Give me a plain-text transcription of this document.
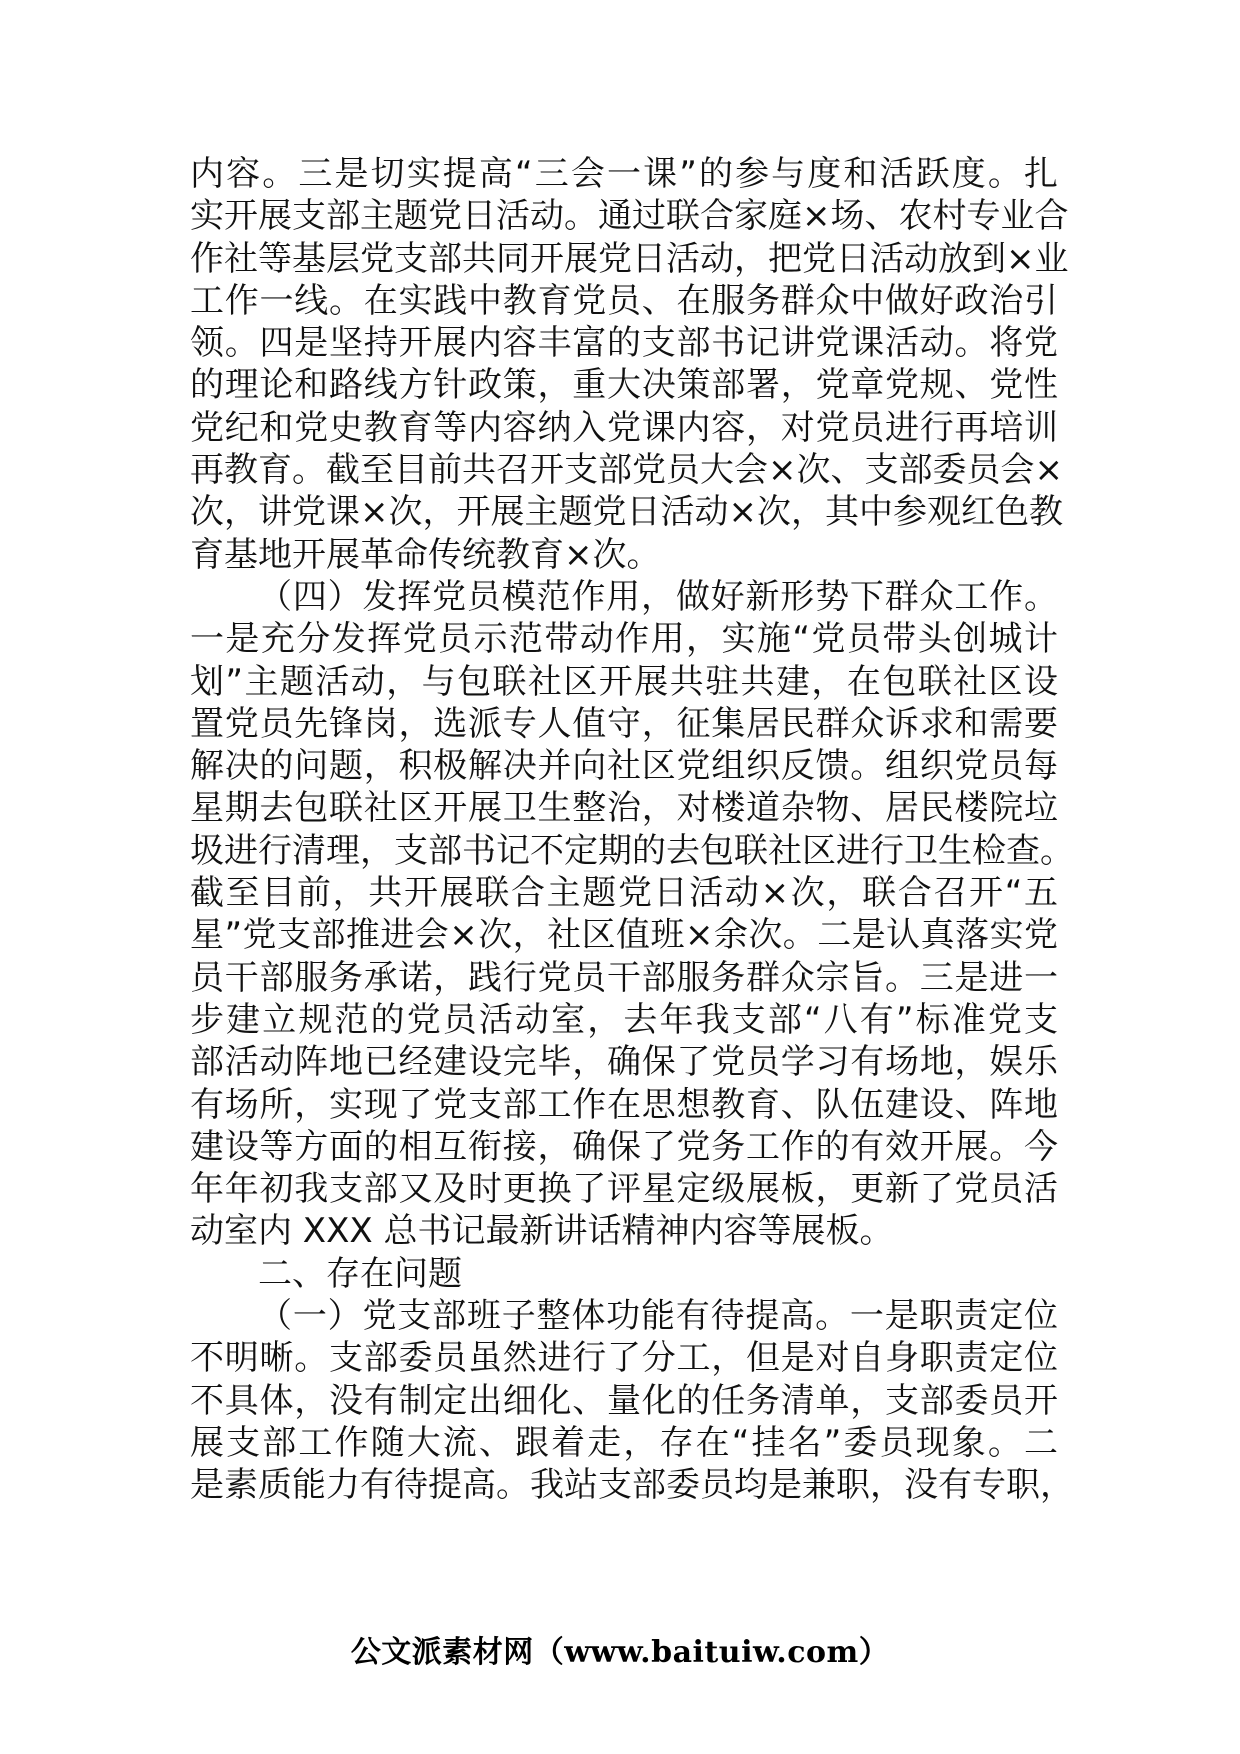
内容。三是切实提高“三会一课”的参与度和活跃度。扎
实开展支部主题党日活动。通过联合家庭×场、农村专业合
作社等基层党支部共同开展党日活动，把党日活动放到×业
工作一线。在实践中教育党员、在服务群众中做好政治引
领。四是坚持开展内容丰富的支部书记讲党课活动。将党
的理论和路线方针政策，重大决策部署，党章党规、党性
党纪和党史教育等内容纳入党课内容，对党员进行再培训
再教育。截至目前共召开支部党员大会×次、支部委员会×
次，讲党课×次，开展主题党日活动×次，其中参观红色教
育基地开展革命传统教育×次。
（四）发挥党员模范作用，做好新形势下群众工作。
一是充分发挥党员示范带动作用，实施“党员带头创城计
划”主题活动，与包联社区开展共驻共建，在包联社区设
置党员先锋岗，选派专人值守，征集居民群众诉求和需要
解决的问题，积极解决并向社区党组织反馈。组织党员每
星期去包联社区开展卫生整治，对楼道杂物、居民楼院垃
圾进行清理，支部书记不定期的去包联社区进行卫生检查。
截至目前，共开展联合主题党日活动×次，联合召开“五
星”党支部推进会×次，社区值班×余次。二是认真落实党
员干部服务承诺，践行党员干部服务群众宗旨。三是进一
步建立规范的党员活动室，去年我支部“八有”标准党支
部活动阵地已经建设完毕，确保了党员学习有场地，娱乐
有场所，实现了党支部工作在思想教育、队伍建设、阵地
建设等方面的相互衔接，确保了党务工作的有效开展。今
年年初我支部又及时更换了评星定级展板，更新了党员活
动室内 XXX 总书记最新讲话精神内容等展板。
二、存在问题
（一）党支部班子整体功能有待提高。一是职责定位
不明晰。支部委员虽然进行了分工，但是对自身职责定位
不具体，没有制定出细化、量化的任务清单，支部委员开
展支部工作随大流、跟着走，存在“挂名”委员现象。二
是素质能力有待提高。我站支部委员均是兼职，没有专职，
公文派素材网（www.baituiw.com）
